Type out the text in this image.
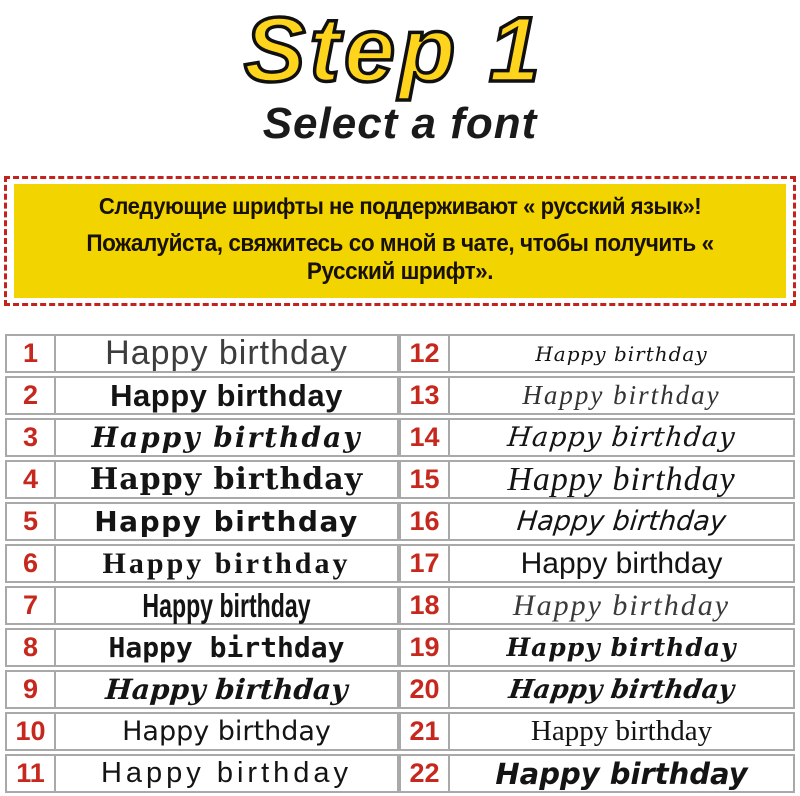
Step 1
Select a font
Следующие шрифты не поддерживают « русский язык»!
Пожалуйста, свяжитесь со мной в чате, чтобы получить « Русский шрифт».
1	Happy birthday
2	Happy birthday
3	Happy birthday
4	Happy birthday
5	Happy birthday
6	Happy birthday
7	Happy birthday
8	Happy birthday
9	Happy birthday
10	Happy birthday
11	Happy birthday
12	Happy birthday
13	Happy birthday
14	Happy birthday
15	Happy birthday
16	Happy birthday
17	Happy birthday
18	Happy birthday
19	Happy birthday
20	Happy birthday
21	Happy birthday
22	Happy birthday
